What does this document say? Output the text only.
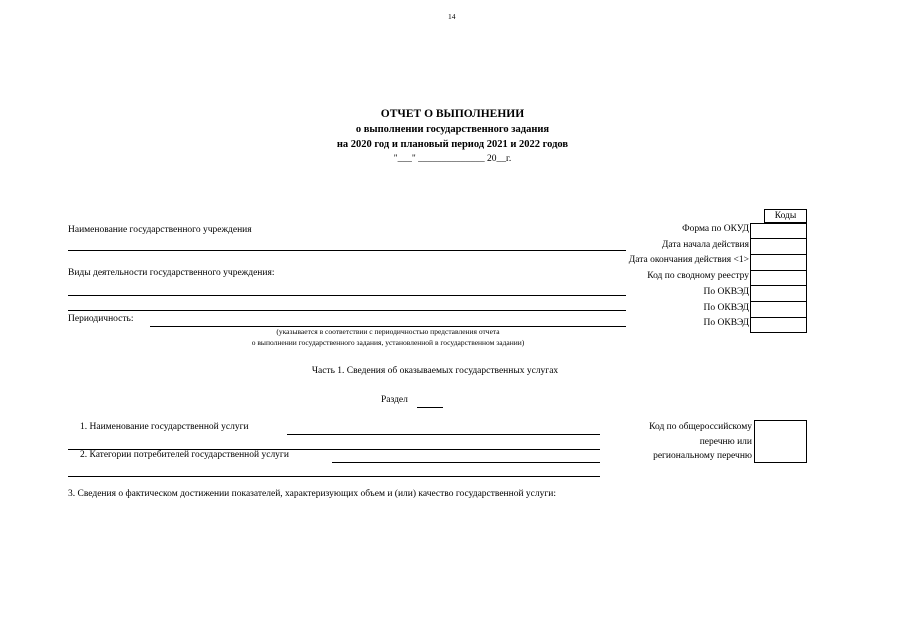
14
ОТЧЕТ О ВЫПОЛНЕНИИ
о выполнении государственного задания
на 2020 год и плановый период 2021 и 2022 годов
"___" ______________ 20__г.
Коды
Форма по ОКУД
Дата начала действия
Дата окончания действия <1>
Код по сводному реестру
По ОКВЭД
По ОКВЭД
По ОКВЭД
Наименование государственного учреждения
Виды деятельности государственного учреждения:
Периодичность:
(указывается в соответствии с периодичностью представления отчета
о выполнении государственного задания, установленной в государственном задании)
Часть 1. Сведения об оказываемых государственных услугах
Раздел
1. Наименование государственной услуги
2. Категории потребителей государственной услуги
Код по общероссийскому
перечню или
региональному перечню
3. Сведения о фактическом достижении показателей, характеризующих объем и (или) качество государственной услуги:
